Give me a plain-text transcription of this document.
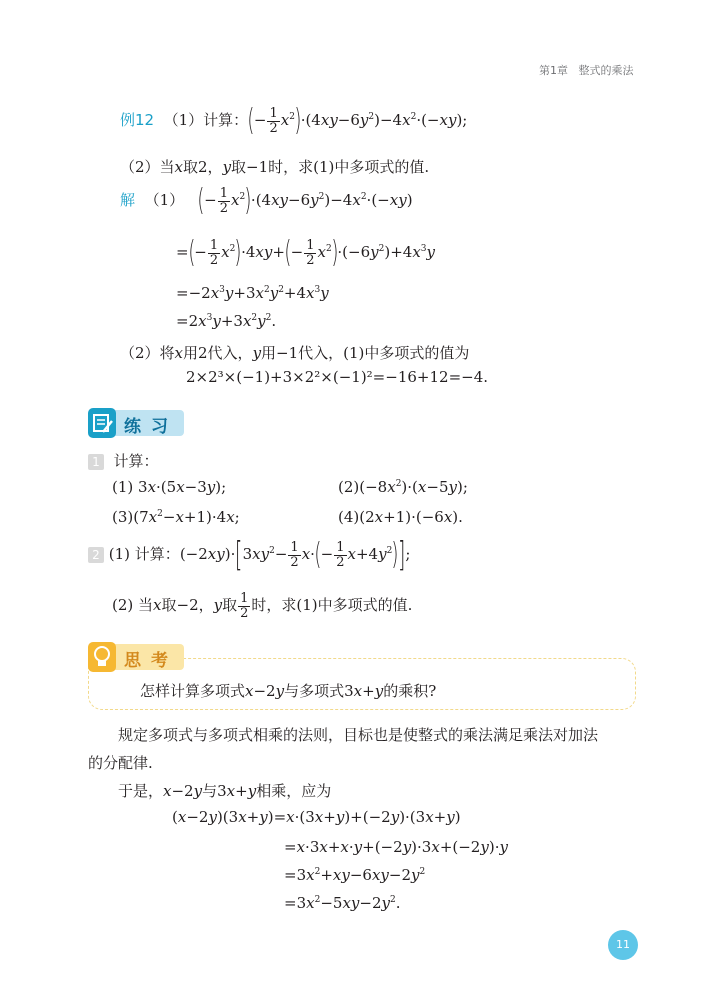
第1章 整式的乘法
例12 （1）计算：(− $\frac{1}{2} x^2)\cdot(4xy-6y^2)-4x^2\cdot(-xy)$;
（2）当x取2，y取−1时，求(1)中多项式的值.
解 （1） (− $\frac{1}{2} x^2)\cdot(4xy-6y^2)-4x^2\cdot(-xy)$
=(− $\frac{1}{2} x^2)\cdot 4xy+(- \frac{1}{2} x^2)\cdot(-6y^2)+4x^3y$
$=-2x^3y+3x^2y^2+4x^3y$
$=2x^3y+3x^2y^2$.
（2）将x用2代入，y用−1代入，(1)中多项式的值为
2×2³×(−1)+3×2²×(−1)²=−16+12=−4.
练习
1 计算：
(1) 3x·(5x−3y);	$(2)(-8x^2)\cdot(x-5y)$;
$(3)(7x^2-x+1)\cdot 4x$;	(4)(2x+1)·(−6x).
2 (1) 计算：$(-2xy)\cdot[3xy^2- \frac{1}{2} x\cdot(- \frac{1}{2} x+4y^2)]$;
(2) 当x取−2，y取 $\frac{1}{2}$ 时，求(1)中多项式的值.
思考
怎样计算多项式x−2y与多项式3x+y的乘积?
规定多项式与多项式相乘的法则，目标也是使整式的乘法满足乘法对加法
的分配律.
于是，x−2y与3x+y相乘，应为
(x−2y)(3x+y)=x·(3x+y)+(−2y)·(3x+y)
=x·3x+x·y+(−2y)·3x+(−2y)·y
$=3x^2+xy-6xy-2y^2$
$=3x^2-5xy-2y^2$.
11
